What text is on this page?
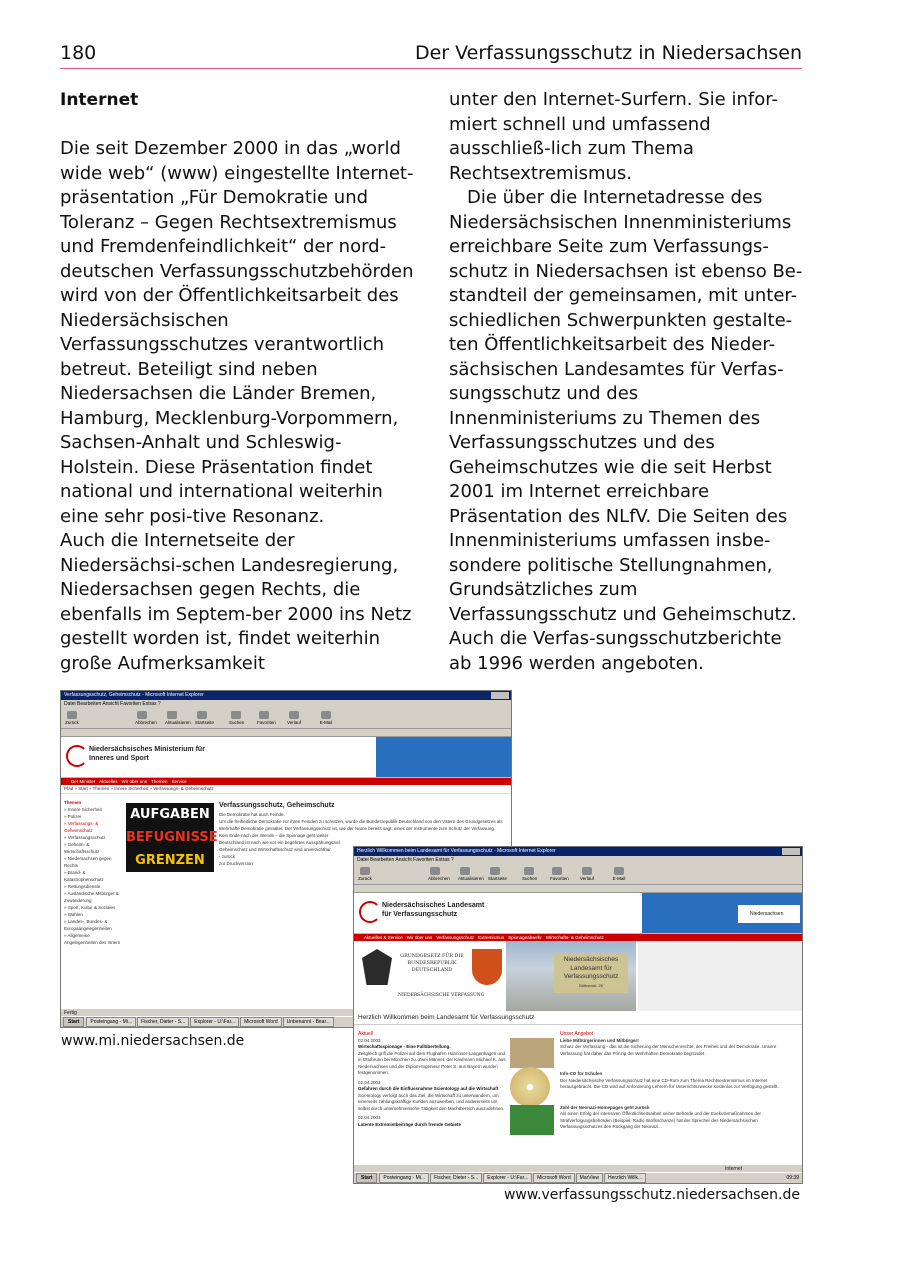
180	Der Verfassungsschutz in Niedersachsen
Internet

Die seit Dezember 2000 in das „world wide web“ (www) eingestellte Internet-präsentation „Für Demokratie und Toleranz – Gegen Rechtsextremismus und Fremdenfeindlichkeit“ der nord-deutschen Verfassungsschutzbehörden wird von der Öffentlichkeitsarbeit des Niedersächsischen Verfassungsschutzes verantwortlich betreut. Beteiligt sind neben Niedersachsen die Länder Bremen, Hamburg, Mecklenburg-Vorpommern, Sachsen-Anhalt und Schleswig-Holstein. Diese Präsentation findet national und international weiterhin eine sehr posi-tive Resonanz.

Auch die Internetseite der Niedersächsi-schen Landesregierung, Niedersachsen gegen Rechts, die ebenfalls im Septem-ber 2000 ins Netz gestellt worden ist, findet weiterhin große Aufmerksamkeit

unter den Internet-Surfern. Sie infor-miert schnell und umfassend ausschließ-lich zum Thema Rechtsextremismus.

Die über die Internetadresse des Niedersächsischen Innenministeriums erreichbare Seite zum Verfassungs-schutz in Niedersachsen ist ebenso Be-standteil der gemeinsamen, mit unter-schiedlichen Schwerpunkten gestalte-ten Öffentlichkeitsarbeit des Nieder-sächsischen Landesamtes für Verfas-sungsschutz und des Innenministeriums zu Themen des Verfassungsschutzes und des Geheimschutzes wie die seit Herbst 2001 im Internet erreichbare Präsentation des NLfV. Die Seiten des Innenministeriums umfassen insbe-sondere politische Stellungnahmen, Grundsätzliches zum Verfassungsschutz und Geheimschutz. Auch die Verfas-sungsschutzberichte ab 1996 werden angeboten.

Verfassungsschutz, Geheimschutz - Microsoft Internet Explorer
Datei Bearbeiten Ansicht Favoriten Extras ?
Zurück	Abbrechen Aktualisieren Startseite	Suchen	Favoriten Verlauf	E-Mail
Niedersächsisches Ministerium für Inneres und Sport
Der Minister Aktuelles Wir über uns Themen Service
Pfad » Start » Themen » Innere Sicherheit » Verfassungs- & Geheimschutz
Themen
» Innere Sicherheit
» Polizei
» Verfassungs- & Geheimschutz
» Verfassungsschutz
» Geheim- & Wirtschaftsschutz
» Niedersachsen gegen Rechts
» Brand- & Katastrophenschutz
» Rettungsdienste
» Ausländische Mitbürger & Zuwanderung
» Sport, Kultur & Soziales
» Wahlen
» Landes-, Bundes- & Europaangelegenheiten
» Allgemeine Angelegenheiten des Innern
AUFGABEN
BEFUGNISSE
GRENZEN
Verfassungsschutz, Geheimschutz
Die Demokratie hat auch Feinde.
Um die freiheitliche Demokratie vor ihren Feinden zu schützen, wurde die Bundesrepublik Deutschland von den Vätern des Grundgesetzes als Wehrhafte Demokratie gestaltet. Der Verfassungsschutz ist, wie der Name bereits sagt, eines der Instrumente zum Schutz der Verfassung.
Kein Ende nach der Wende – die Spionage geht weiter
Deutschland ist nach wie vor ein begehrtes Ausspähungsziel.
Geheimschutz und Wirtschaftsschutz sind unverzichtbar.
‹ zurück
zur Druckversion
Fertig
Start Posteingang - Mi... Fischer, Dieter - S... Explorer - U:\Far... Microsoft Word Unbenannt - Bear...
www.mi.niedersachsen.de
Herzlich Willkommen beim Landesamt für Verfassungsschutz - Microsoft Internet Explorer
Datei Bearbeiten Ansicht Favoriten Extras ?
Zurück	Abbrechen Aktualisieren Startseite	Suchen	Favoriten Verlauf	E-Mail
Niedersächsisches Landesamt für Verfassungsschutz	Niedersachsen
Aktuelles & Service Wir über uns Verfassungsschutz Extremismus Spionageabwehr Wirtschafts- & Geheimschutz
GRUNDGESETZ FÜR DIE BUNDESREPUBLIK DEUTSCHLAND
NIEDERSÄCHSISCHE VERFASSUNG
Niedersächsisches Landesamt für Verfassungsschutz
Büttnerstr. 28
Herzlich Willkommen beim Landesamt für Verfassungsschutz
Aktuell
02.04.2003
Wirtschaftsspionage - Eine Fallübertellung.
Zeitgleich griff die Polizei auf dem Flughafen Hannover-Langenhagen und in Ottobrunn bei München zu. Zwei Männer, der Kaufmann Michael K. aus Niedersachsen und der Diplom-Ingenieur Peter S. aus Bayern wurden festgenommen.
02.04.2003
Gefahren durch die Einflussnahme Scientology auf die Wirtschaft
Scientology verfolgt auch das Ziel, die Wirtschaft zu unterwandern, um einerseits zahlungskräftige Kunden anzuwerben, und andererseits um selbst durch unternehmerische Tätigkeit den Machtbereich auszudehnen.
02.04.2003
Latente Extremistbeiträge durch fremde Gebiete
Unser Angebot
Liebe Mitbürgerinnen und Mitbürger!
Schutz der Verfassung - das ist die Sicherung der Menschenrechte, der Freiheit und der Demokratie. Unsere Verfassung hat daher das Prinzip der Wehrhaften Demokratie begründet.
Info-CD für Schulen
Der Niedersächsische Verfassungsschutz hat eine CD-Rom zum Thema Rechtsextremismus im Internet herausgebracht. Die CD wird auf Anforderung Lehrern für Unterrichtszwecke kostenlos zur Verfügung gestellt.
Zahl der Neonazi-Homepages geht zurück
Als einen Erfolg der intensiven Öffentlichkeitsarbeit seiner Behörde und der Exekutivmaßnahmen der Strafverfolgungsbehörden (Beispiel: Radio Wolfsschanze) hat der Sprecher des Niedersächsischen Verfassungsschutzes den Rückgang der Neonazi...
Internet
Start Posteingang - Mi... Fischer, Dieter - S... Explorer - U:\Far... Microsoft Word MarView Herzlich Willk...	09:39
www.verfassungsschutz.niedersachsen.de
